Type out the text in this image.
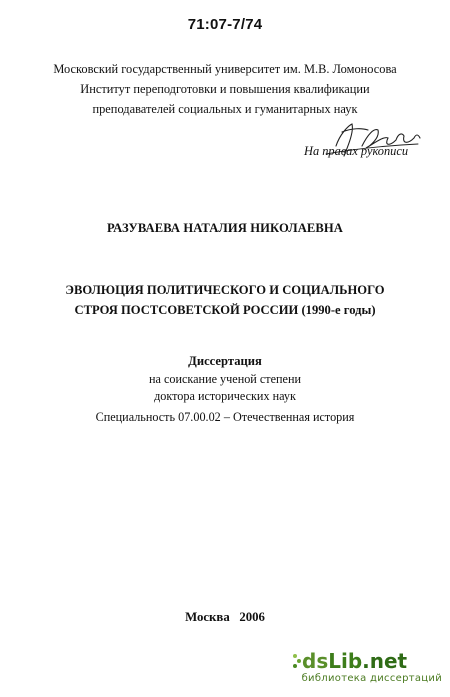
71:07-7/74
Московский государственный университет им. М.В. Ломоносова
Институт переподготовки и повышения квалификации
преподавателей социальных и гуманитарных наук
На правах рукописи
РАЗУВАЕВА НАТАЛИЯ НИКОЛАЕВНА
ЭВОЛЮЦИЯ ПОЛИТИЧЕСКОГО И СОЦИАЛЬНОГО
СТРОЯ ПОСТСОВЕТСКОЙ РОССИИ (1990-е годы)
Диссертация
на соискание ученой степени
доктора исторических наук
Специальность 07.00.02 – Отечественная история
Москва   2006
dsLib.net
библиотека диссертаций
